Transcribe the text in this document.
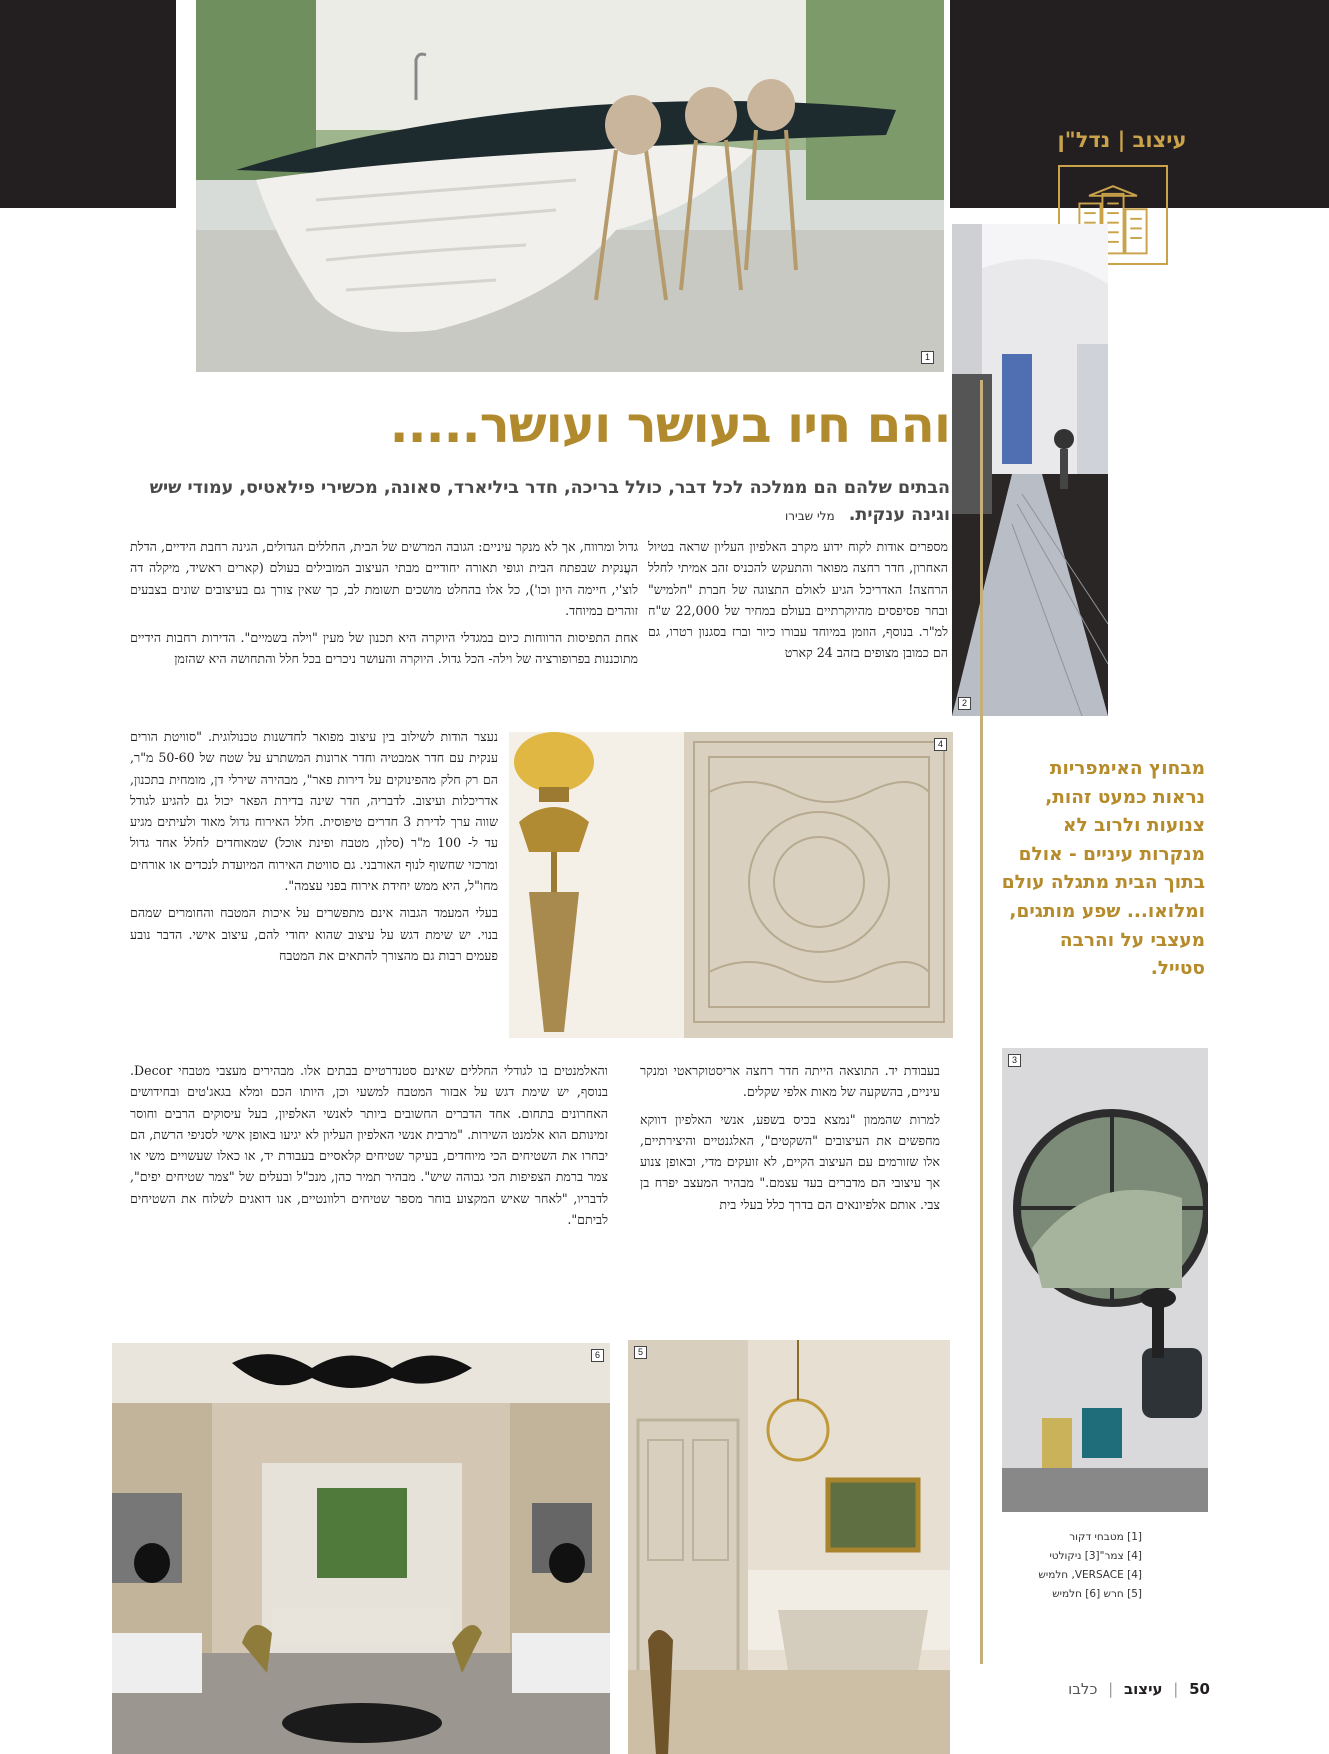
עיצוב | נדל"ן
1
2
3
4
5
6
והם חיו בעושר ועושר.....
הבתים שלהם הם ממלכה לכל דבר, כולל בריכה, חדר ביליארד, סאונה, מכשירי פילאטיס, עמודי שיש וגינה ענקית. מלי שבירו

מספרים אודות לקוח ידוע מקרב האלפיון העליון שראה בטיול האחרון, חדר רחצה מפואר והתעקש להכניס זהב אמיתי לחלל הרחצה! האדריכל הגיע לאולם התצוגה של חברת "חלמיש" ובחר פסיפסים מהיוקרתיים בעולם במחיר של 22,000 ש"ח למ"ר. בנוסף, הוזמן במיוחד עבורו כיור וברז בסגנון רטרו, גם הם כמובן מצופים בזהב 24 קארט

גדול ומרווח, אך לא מנקר עיניים: הגובה המרשים של הבית, החללים הגדולים, הגינה רחבת הידיים, הדלת העֲנקית שבפתח הבית וגופי תאורה יחודיים מבתי העיצוב המובילים בעולם (קארים ראשיד, מיקלה דה לוצ'י, חיימה היון וכו'), כל אלו בהחלט מושכים תשומת לב, כך שאין צורך גם בעיצובים שונים בצבעים זוהרים במיוחד.

אחת התפיסות הרווחות כיום במגדלי היוקרה היא תכנון של מעין "וילה בשמיים". הדירות רחבות הידיים מתוכננות בפרופורציה של וילה- הכל גדול. היוקרה והעושר ניכרים בכל חלל והתחושה היא שהזמן

נעצר הודות לשילוב בין עיצוב מפואר לחדשנות טכנולוגית. "סוויטת הורים ענקית עם חדר אמבטיה וחדר ארונות המשתרע על שטח של 50-60 מ"ר, הם רק חלק מהפינוקים על דירות פאר", מבהירה שירלי דן, מומחית בתכנון, אדריכלות ועיצוב. לדבריה, חדר שינה בדירת הפאר יכול גם להגיע לגודל שווה ערך לדירת 3 חדרים טיפוסית. חלל האירוח גדול מאוד ולעיתים מגיע עד ל- 100 מ"ר (סלון, מטבח ופינת אוכל) שמאוחדים לחלל אחד גדול ומרכזי שחשוף לנוף האורבני. גם סוויטת האירוח המיועדת לנכדים או אורחים מחו"ל, היא ממש יחידת אירוח בפני עצמה".

בעלי המעמד הגבוה אינם מתפשרים על איכות המטבח והחומרים שמהם בנוי. יש שימת דגש על עיצוב שהוא יחודי להם, עיצוב אישי. הדבר נובע פעמים רבות גם מהצורך להתאים את המטבח

והאלמנטים בו לגודלי החללים שאינם סטנדרטיים בבתים אלו. מבהירים מעצבי מטבחי Decor. בנוסף, יש שימת דגש על אבזור המטבח למשעי וכן, היותו הכם ומלא בגאג'טים ובחידושים האחרונים בתחום. אחד הדברים החשובים ביותר לאנשי האלפיון, בעל עיסוקים הרבים וחוסר זמינותם הוא אלמנט השירות. "מרבית אנשי האלפיון העליון לא יגיעו באופן אישי לסניפי הרשת, הם יבחרו את השטיחים הכי מיוחדים, בעיקר שטיחים קלאסיים בעבודת יד, או כאלו שעשויים משי או צמר ברמת הצפיפות הכי גבוהה שיש". מבהיר תמיר כהן, מנכ"ל ובעלים של "צמר שטיחים יפים", לדבריו, "לאחר שאיש המקצוע בוחר מספר שטיחים רלוונטיים, אנו דואגים לשלוח את השטיחים לביתם".

בעבודת יד. התוצאה הייתה חדר רחצה אריסטוקראטי ומנקר עיניים, בהשקעה של מאות אלפי שקלים.

למרות שהממון "נמצא בכיס בשפע, אנשי האלפיון דווקא מחפשים את העיצובים "השקטים", האלגנטיים והיצירתיים, אלו שזורמים עם העיצוב הקיים, לא זועקים מדי, ובאופן צנוע אך עיצובי הם מדברים בעד עצמם." מבהיר המעצב יפרח בן צבי. אותם אלפיונאים הם בדרך כלל בעלי בית

מבחוץ האימפריות נראות כמעט זהות, צנועות ולרוב לא מנקרות עיניים - אולם בתוך הבית מתגלה עולם ומלואו... שפע מותגים, מעצבי על והרבה סטייל.
[1] מטבחי דקור
[4] צמר"[3] ניקולטי
[4] VERSACE, חלמיש
[5] חרש [6] חלמיש
50 | עיצוב | כלבו
